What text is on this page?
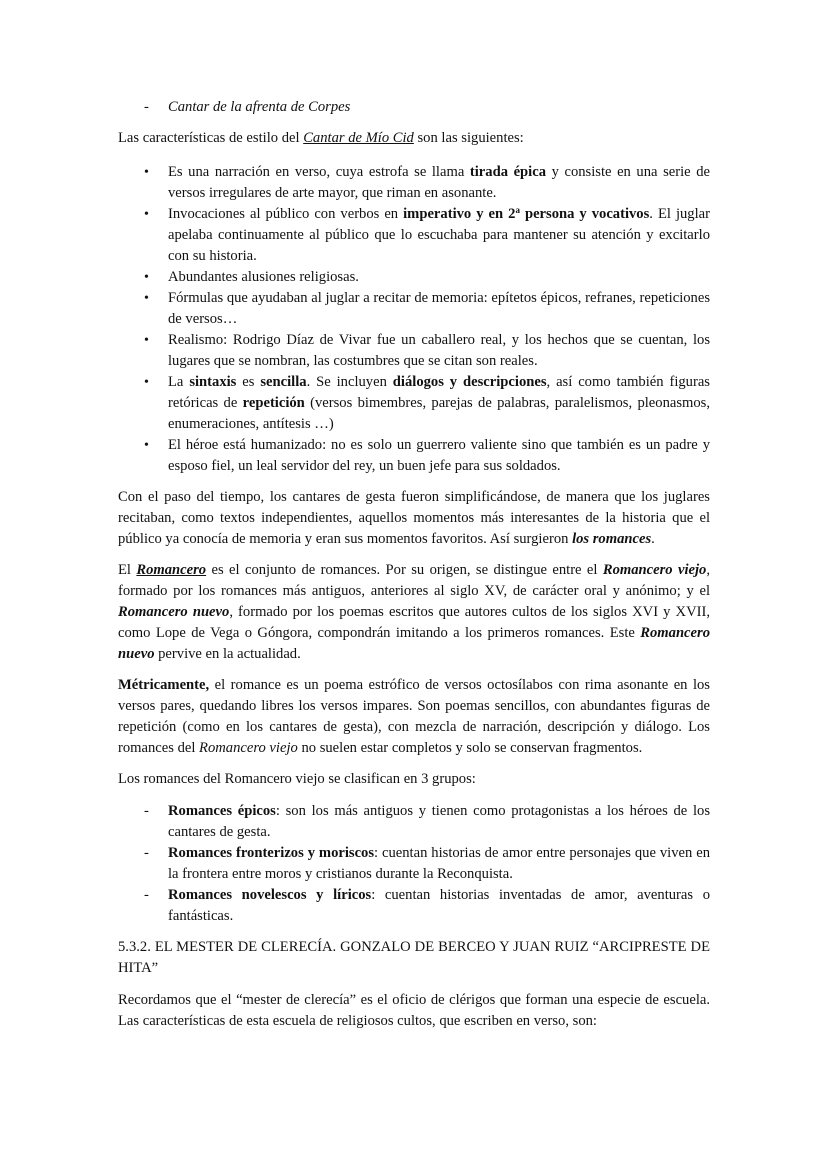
- Cantar de la afrenta de Corpes

Las características de estilo del Cantar de Mío Cid son las siguientes:

• Es una narración en verso, cuya estrofa se llama tirada épica y consiste en una serie de versos irregulares de arte mayor, que riman en asonante.
• Invocaciones al público con verbos en imperativo y en 2$^a$ persona y vocativos. El juglar apelaba continuamente al público que lo escuchaba para mantener su atención y excitarlo con su historia.
• Abundantes alusiones religiosas.
• Fórmulas que ayudaban al juglar a recitar de memoria: epítetos épicos, refranes, repeticiones de versos…
• Realismo: Rodrigo Díaz de Vivar fue un caballero real, y los hechos que se cuentan, los lugares que se nombran, las costumbres que se citan son reales.
• La sintaxis es sencilla. Se incluyen diálogos y descripciones, así como también figuras retóricas de repetición (versos bimembres, parejas de palabras, paralelismos, pleonasmos, enumeraciones, antítesis …)
• El héroe está humanizado: no es solo un guerrero valiente sino que también es un padre y esposo fiel, un leal servidor del rey, un buen jefe para sus soldados.

Con el paso del tiempo, los cantares de gesta fueron simplificándose, de manera que los juglares recitaban, como textos independientes, aquellos momentos más interesantes de la historia que el público ya conocía de memoria y eran sus momentos favoritos. Así surgieron los romances.

El Romancero es el conjunto de romances. Por su origen, se distingue entre el Romancero viejo, formado por los romances más antiguos, anteriores al siglo XV, de carácter oral y anónimo; y el Romancero nuevo, formado por los poemas escritos que autores cultos de los siglos XVI y XVII, como Lope de Vega o Góngora, compondrán imitando a los primeros romances. Este Romancero nuevo pervive en la actualidad.

Métricamente, el romance es un poema estrófico de versos octosílabos con rima asonante en los versos pares, quedando libres los versos impares. Son poemas sencillos, con abundantes figuras de repetición (como en los cantares de gesta), con mezcla de narración, descripción y diálogo. Los romances del Romancero viejo no suelen estar completos y solo se conservan fragmentos.

Los romances del Romancero viejo se clasifican en 3 grupos:

- Romances épicos: son los más antiguos y tienen como protagonistas a los héroes de los cantares de gesta.
- Romances fronterizos y moriscos: cuentan historias de amor entre personajes que viven en la frontera entre moros y cristianos durante la Reconquista.
- Romances novelescos y líricos: cuentan historias inventadas de amor, aventuras o fantásticas.
5.3.2. EL MESTER DE CLERECÍA. GONZALO DE BERCEO Y JUAN RUIZ “ARCIPRESTE DE HITA”

Recordamos que el “mester de clerecía” es el oficio de clérigos que forman una especie de escuela. Las características de esta escuela de religiosos cultos, que escriben en verso, son:
